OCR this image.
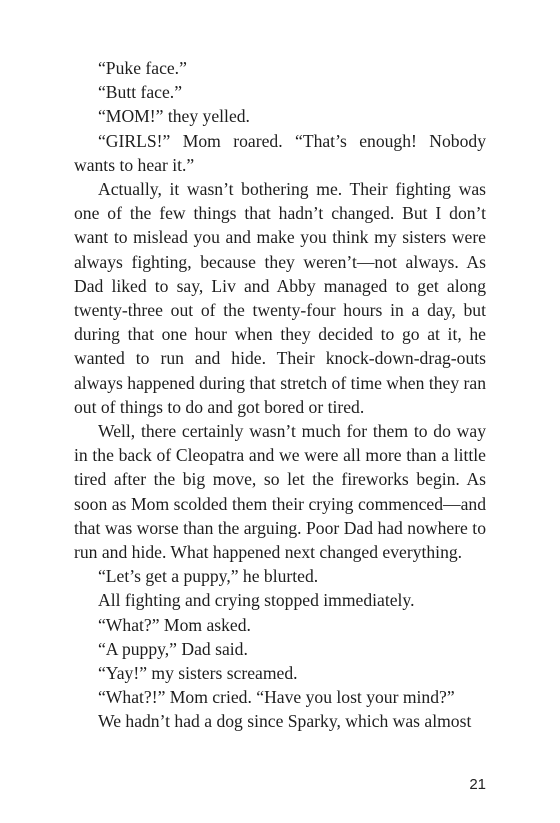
“Puke face.”

“Butt face.”

“MOM!” they yelled.

“GIRLS!” Mom roared. “That’s enough! Nobody wants to hear it.”

Actually, it wasn’t bothering me. Their fighting was one of the few things that hadn’t changed. But I don’t want to mislead you and make you think my sisters were always fighting, because they weren’t—not always. As Dad liked to say, Liv and Abby managed to get along twenty-three out of the twenty-four hours in a day, but during that one hour when they decided to go at it, he wanted to run and hide. Their knock-down-drag-outs always happened during that stretch of time when they ran out of things to do and got bored or tired.

Well, there certainly wasn’t much for them to do way in the back of Cleopatra and we were all more than a little tired after the big move, so let the fireworks begin. As soon as Mom scolded them their crying commenced—and that was worse than the arguing. Poor Dad had nowhere to run and hide. What happened next changed everything.

“Let’s get a puppy,” he blurted.

All fighting and crying stopped immediately.

“What?” Mom asked.

“A puppy,” Dad said.

“Yay!” my sisters screamed.

“What?!” Mom cried. “Have you lost your mind?”

We hadn’t had a dog since Sparky, which was almost

21
